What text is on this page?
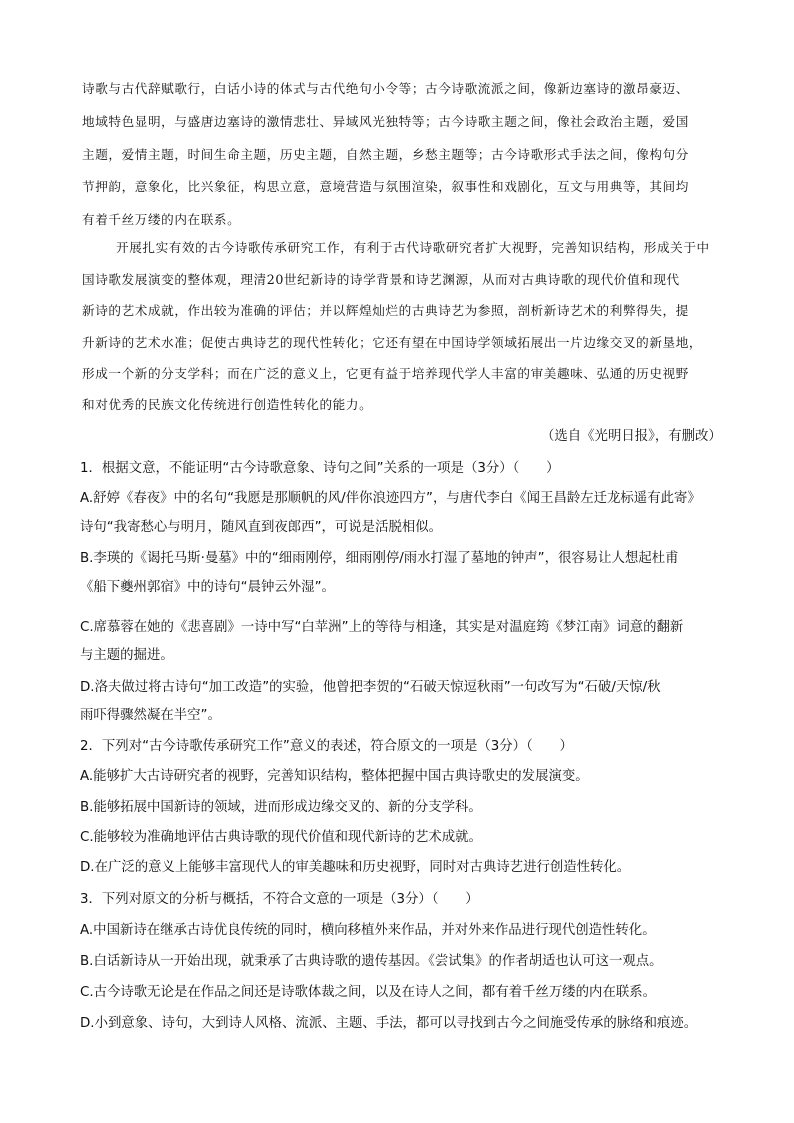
诗歌与古代辞赋歌行，白话小诗的体式与古代绝句小令等；古今诗歌流派之间，像新边塞诗的激昂豪迈、
地域特色显明，与盛唐边塞诗的激情悲壮、异域风光独特等；古今诗歌主题之间，像社会政治主题，爱国
主题，爱情主题，时间生命主题，历史主题，自然主题，乡愁主题等；古今诗歌形式手法之间，像构句分
节押韵，意象化，比兴象征，构思立意，意境营造与氛围渲染，叙事性和戏剧化，互文与用典等，其间均
有着千丝万缕的内在联系。
开展扎实有效的古今诗歌传承研究工作，有利于古代诗歌研究者扩大视野，完善知识结构，形成关于中
国诗歌发展演变的整体观，理清20世纪新诗的诗学背景和诗艺渊源，从而对古典诗歌的现代价值和现代
新诗的艺术成就，作出较为准确的评估；并以辉煌灿烂的古典诗艺为参照，剖析新诗艺术的利弊得失，提
升新诗的艺术水准；促使古典诗艺的现代性转化；它还有望在中国诗学领域拓展出一片边缘交叉的新垦地，
形成一个新的分支学科；而在广泛的意义上，它更有益于培养现代学人丰富的审美趣味、弘通的历史视野
和对优秀的民族文化传统进行创造性转化的能力。
（选自《光明日报》，有删改）
1．根据文意，不能证明“古今诗歌意象、诗句之间”关系的一项是（3分）（　　）
A.舒婷《春夜》中的名句“我愿是那顺帆的风/伴你浪迹四方”，与唐代李白《闻王昌龄左迁龙标遥有此寄》
诗句“我寄愁心与明月，随风直到夜郎西”，可说是活脱相似。
B.李瑛的《谒托马斯·曼墓》中的“细雨刚停，细雨刚停/雨水打湿了墓地的钟声”，很容易让人想起杜甫
《船下夔州郭宿》中的诗句“晨钟云外湿”。
C.席慕蓉在她的《悲喜剧》一诗中写“白苹洲”上的等待与相逢，其实是对温庭筠《梦江南》词意的翻新
与主题的掘进。
D.洛夫做过将古诗句“加工改造”的实验，他曾把李贺的“石破天惊逗秋雨”一句改写为“石破/天惊/秋
雨吓得骤然凝在半空”。
2．下列对“古今诗歌传承研究工作”意义的表述，符合原文的一项是（3分）（　　）
A.能够扩大古诗研究者的视野，完善知识结构，整体把握中国古典诗歌史的发展演变。
B.能够拓展中国新诗的领域，进而形成边缘交叉的、新的分支学科。
C.能够较为准确地评估古典诗歌的现代价值和现代新诗的艺术成就。
D.在广泛的意义上能够丰富现代人的审美趣味和历史视野，同时对古典诗艺进行创造性转化。
3．下列对原文的分析与概括，不符合文意的一项是（3分）（　　）
A.中国新诗在继承古诗优良传统的同时，横向移植外来作品，并对外来作品进行现代创造性转化。
B.白话新诗从一开始出现，就秉承了古典诗歌的遗传基因。《尝试集》的作者胡适也认可这一观点。
C.古今诗歌无论是在作品之间还是诗歌体裁之间，以及在诗人之间，都有着千丝万缕的内在联系。
D.小到意象、诗句，大到诗人风格、流派、主题、手法，都可以寻找到古今之间施受传承的脉络和痕迹。
